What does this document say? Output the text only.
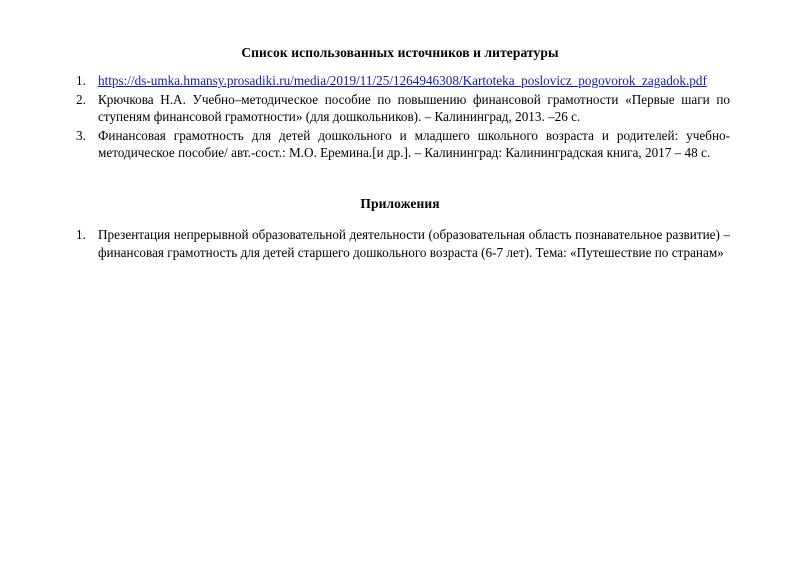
Список использованных источников и литературы
https://ds-umka.hmansy.prosadiki.ru/media/2019/11/25/1264946308/Kartoteka_poslovicz_pogovorok_zagadok.pdf
Крючкова Н.А. Учебно–методическое пособие по повышению финансовой грамотности «Первые шаги по ступеням финансовой грамотности» (для дошкольников). – Калининград, 2013. –26 с.
Финансовая грамотность для детей дошкольного и младшего школьного возраста и родителей: учебно-методическое пособие/ авт.-сост.: М.О. Еремина.[и др.]. – Калининград: Калининградская книга, 2017 – 48 с.
Приложения
Презентация непрерывной образовательной деятельности (образовательная область познавательное развитие) – финансовая грамотность для детей старшего дошкольного возраста (6-7 лет). Тема: «Путешествие по странам»
